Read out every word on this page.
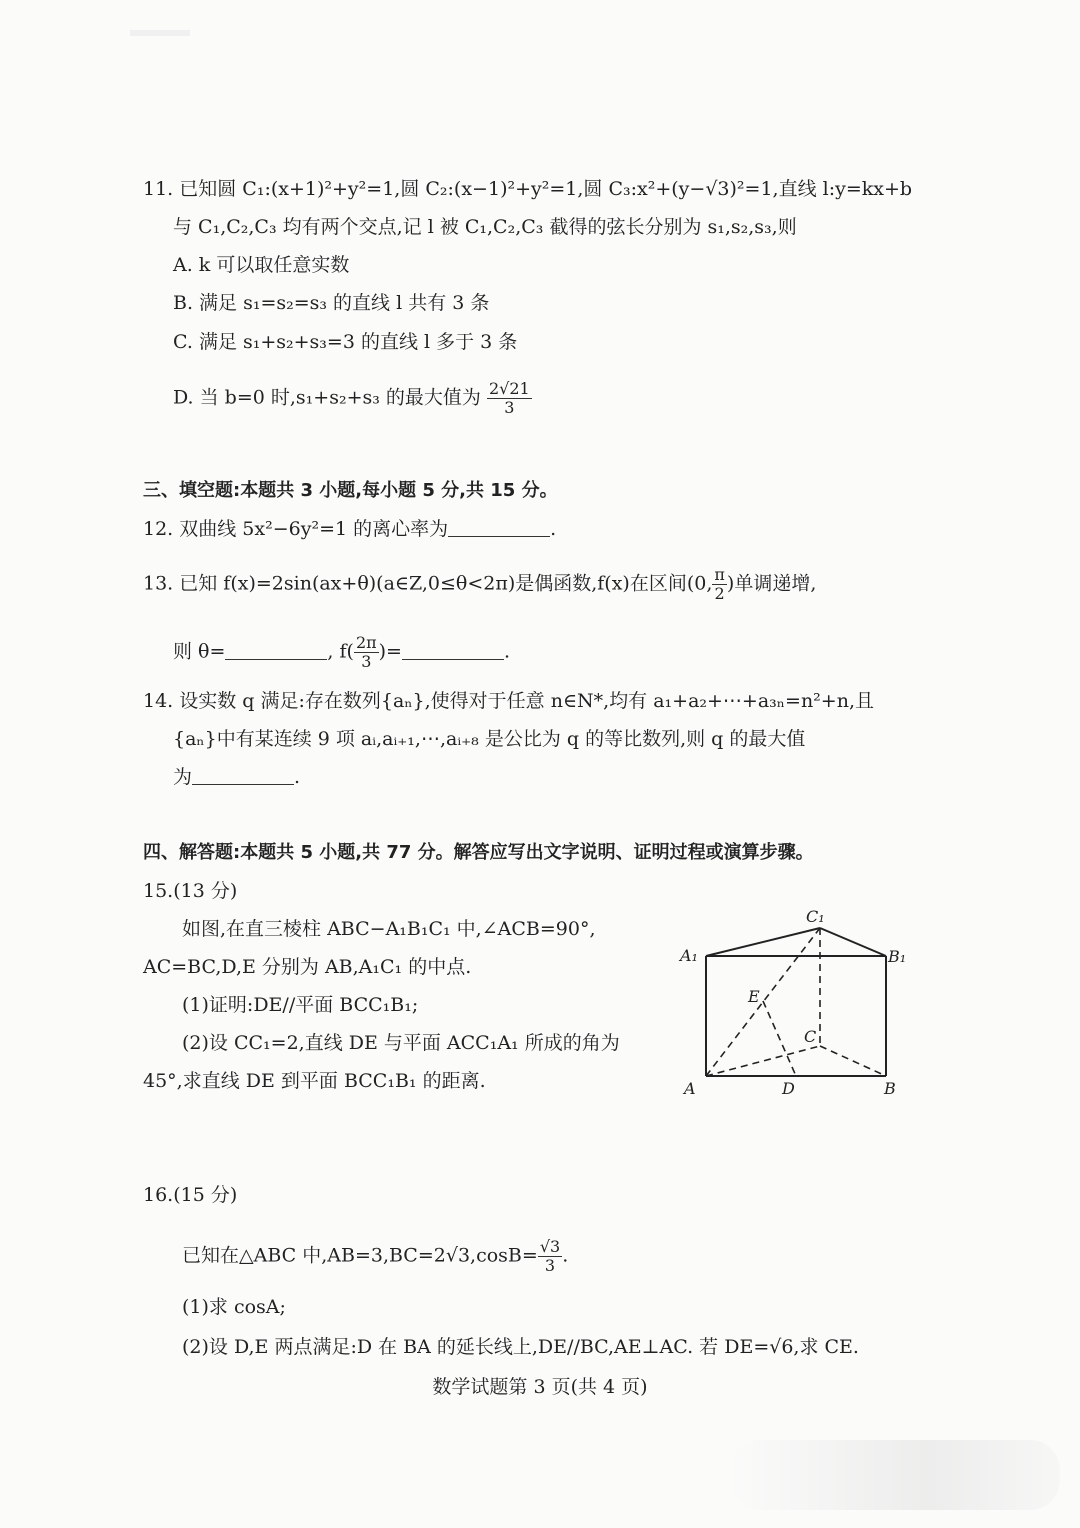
11. 已知圆 C₁:(x+1)²+y²=1,圆 C₂:(x−1)²+y²=1,圆 C₃:x²+(y−√3)²=1,直线 l:y=kx+b
与 C₁,C₂,C₃ 均有两个交点,记 l 被 C₁,C₂,C₃ 截得的弦长分别为 s₁,s₂,s₃,则
A. k 可以取任意实数
B. 满足 s₁=s₂=s₃ 的直线 l 共有 3 条
C. 满足 s₁+s₂+s₃=3 的直线 l 多于 3 条
D. 当 b=0 时,s₁+s₂+s₃ 的最大值为 $\frac{2√21}{3}$
三、填空题:本题共 3 小题,每小题 5 分,共 15 分。
12. 双曲线 5x²−6y²=1 的离心率为	.
13. 已知 f(x)=2sin(ax+θ)(a∈Z,0≤θ<2π)是偶函数,f(x)在区间(0, $\frac{\pi}{2}$ )单调递增,
则 θ=	, $f( \frac{2\pi}{3}$ )=	.
14. 设实数 q 满足:存在数列{aₙ},使得对于任意 n∈N*,均有 a₁+a₂+⋯+a₃ₙ=n²+n,且
{aₙ}中有某连续 9 项 aᵢ,aᵢ₊₁,⋯,aᵢ₊₈ 是公比为 q 的等比数列,则 q 的最大值
为	.
四、解答题:本题共 5 小题,共 77 分。解答应写出文字说明、证明过程或演算步骤。
15.(13 分)
如图,在直三棱柱 ABC−A₁B₁C₁ 中,∠ACB=90°,
AC=BC,D,E 分别为 AB,A₁C₁ 的中点.
(1)证明:DE//平面 BCC₁B₁;
(2)设 CC₁=2,直线 DE 与平面 ACC₁A₁ 所成的角为
45°,求直线 DE 到平面 BCC₁B₁ 的距离.
C₁
A₁	B₁
E
C
A	D	B
16.(15 分)
已知在△ABC 中$,AB=3,BC=2√3,\cos B= \frac{√3}{3}$ .
(1)求 cosA;
(2)设 D,E 两点满足:D 在 BA 的延长线上,DE//BC,AE⊥AC. 若 DE=√6,求 CE.
数学试题第 3 页(共 4 页)
